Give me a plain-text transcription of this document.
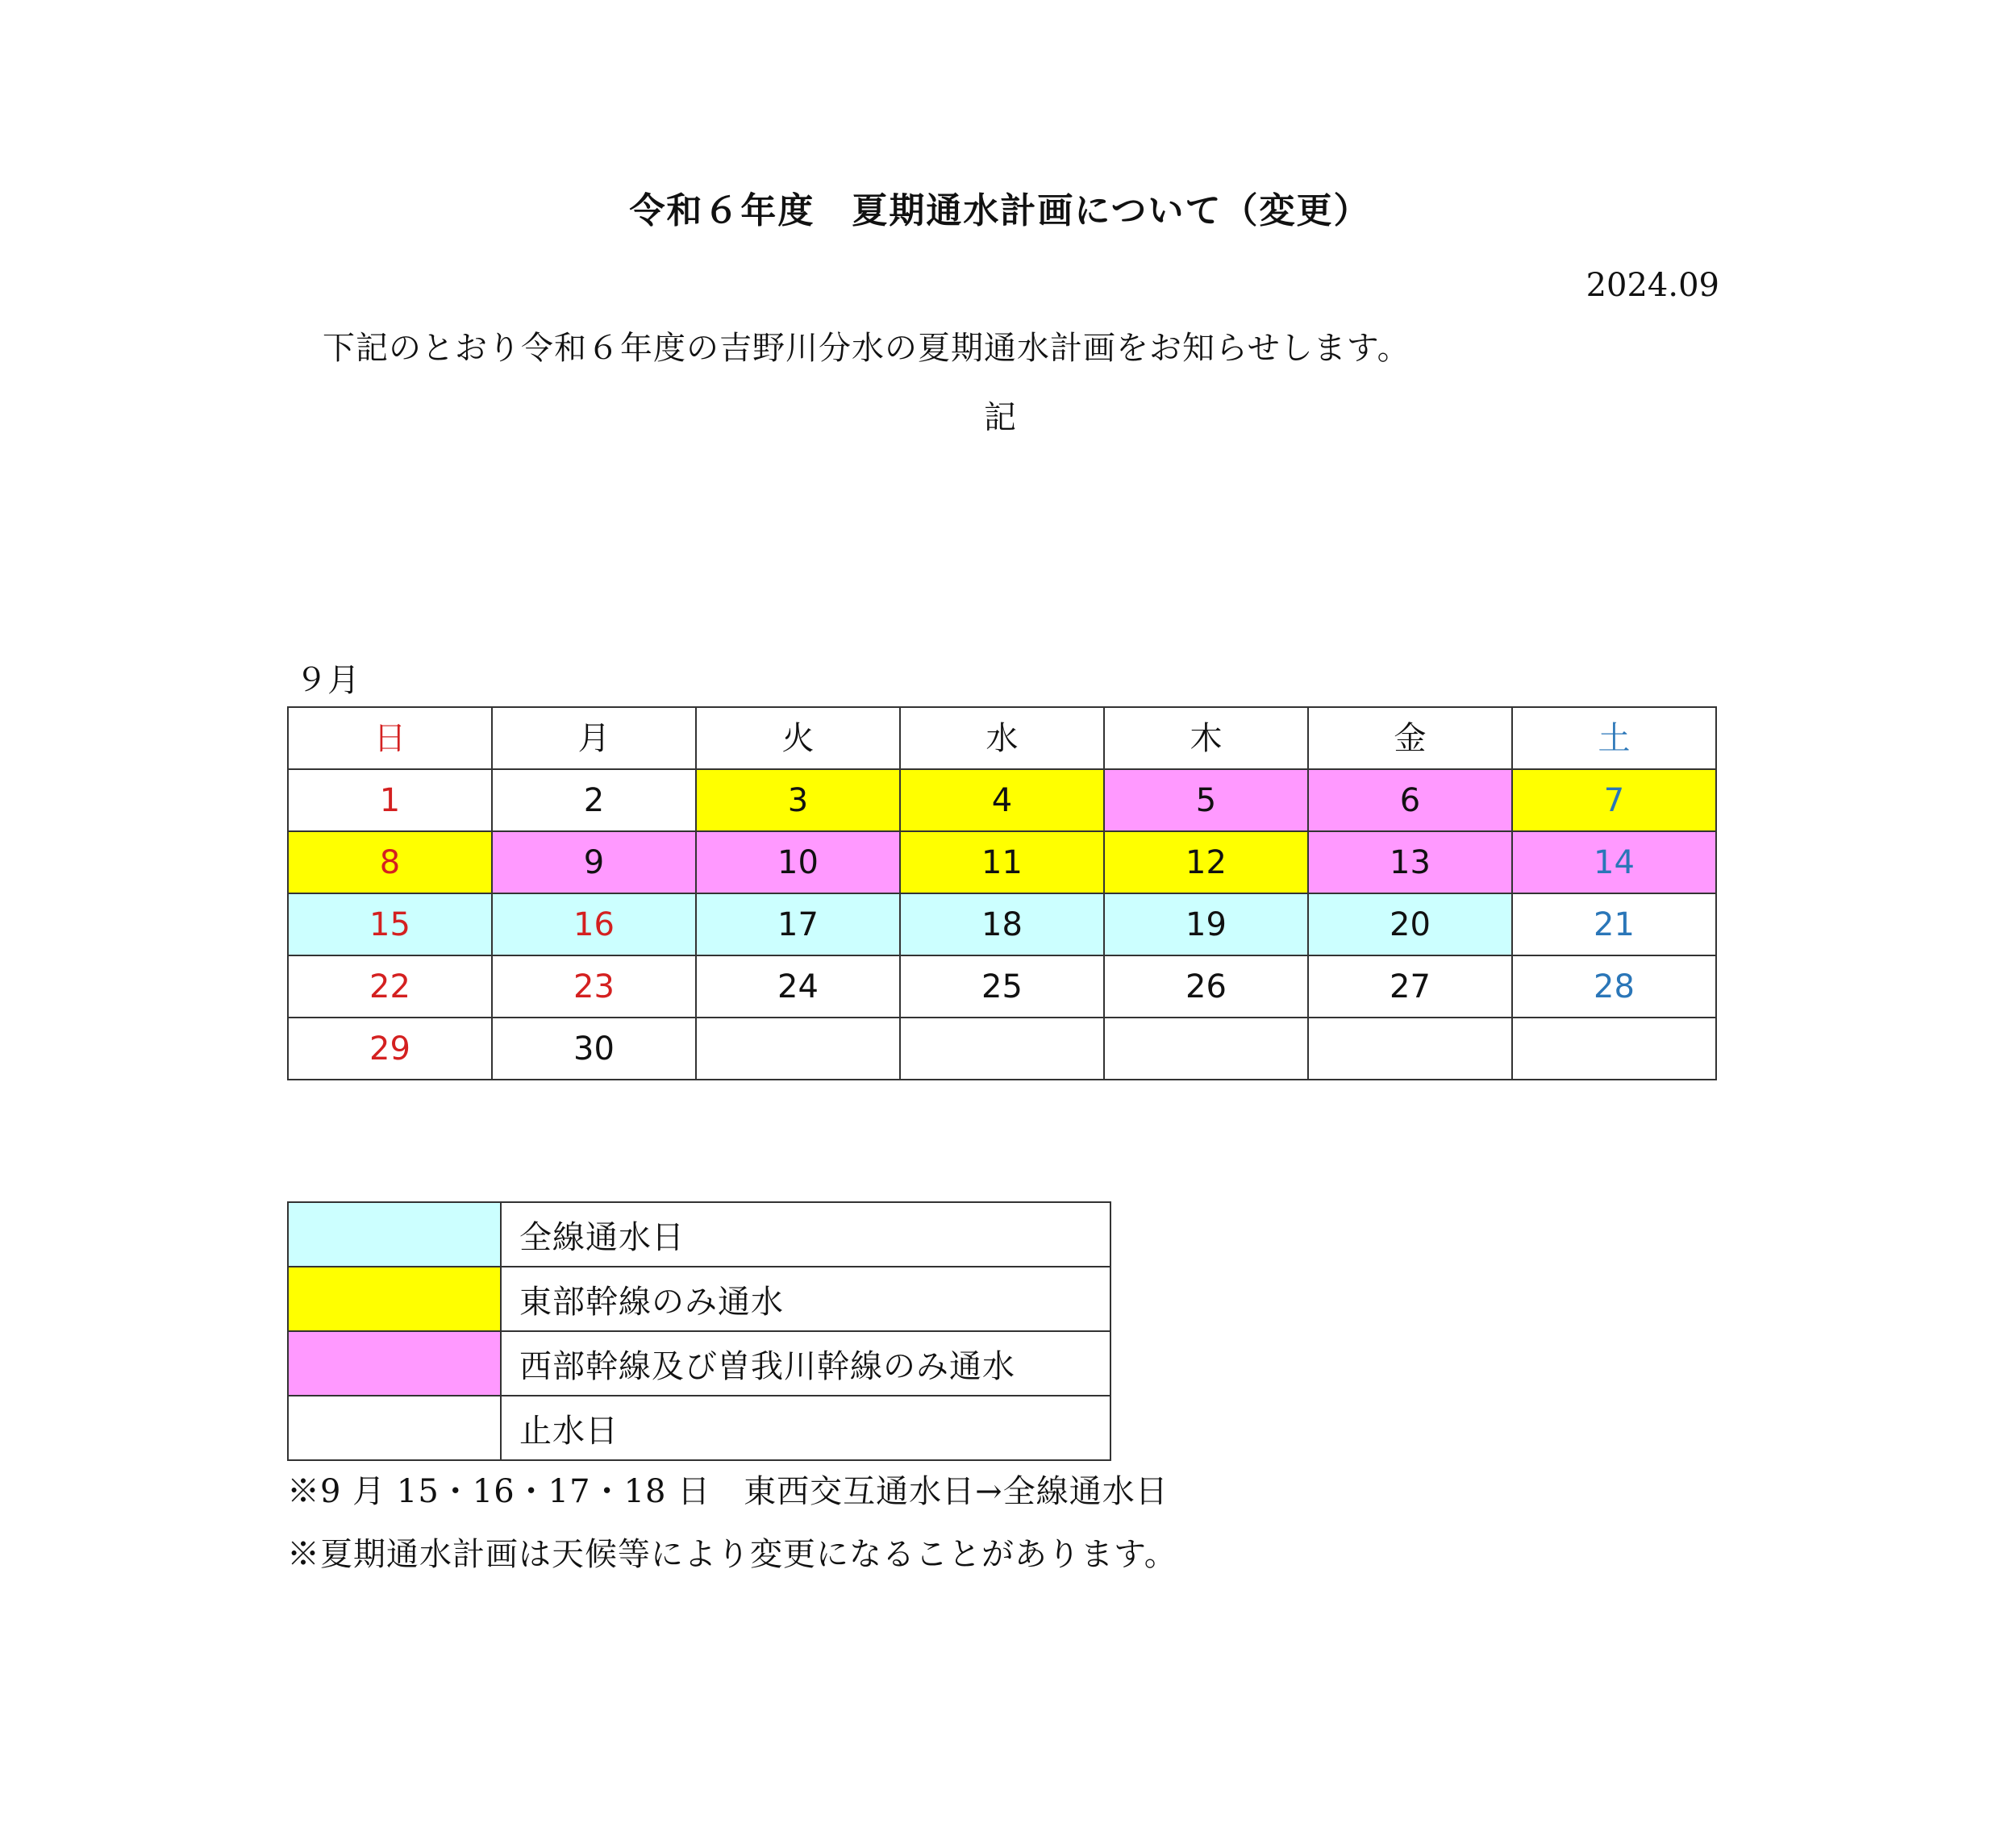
令和６年度　夏期通水計画について（変更）
2024.09
下記のとおり令和６年度の吉野川分水の夏期通水計画をお知らせします。
記
９月
日	月	火	水	木	金	土
1	2	3	4	5	6	7
8	9	10	11	12	13	14
15	16	17	18	19	20	21
22	23	24	25	26	27	28
29	30					
	全線通水日
	東部幹線のみ通水
	西部幹線及び曽我川幹線のみ通水
	止水日
※9 月 15・16・17・18 日　東西交互通水日→全線通水日
※夏期通水計画は天候等により変更になることがあります。
